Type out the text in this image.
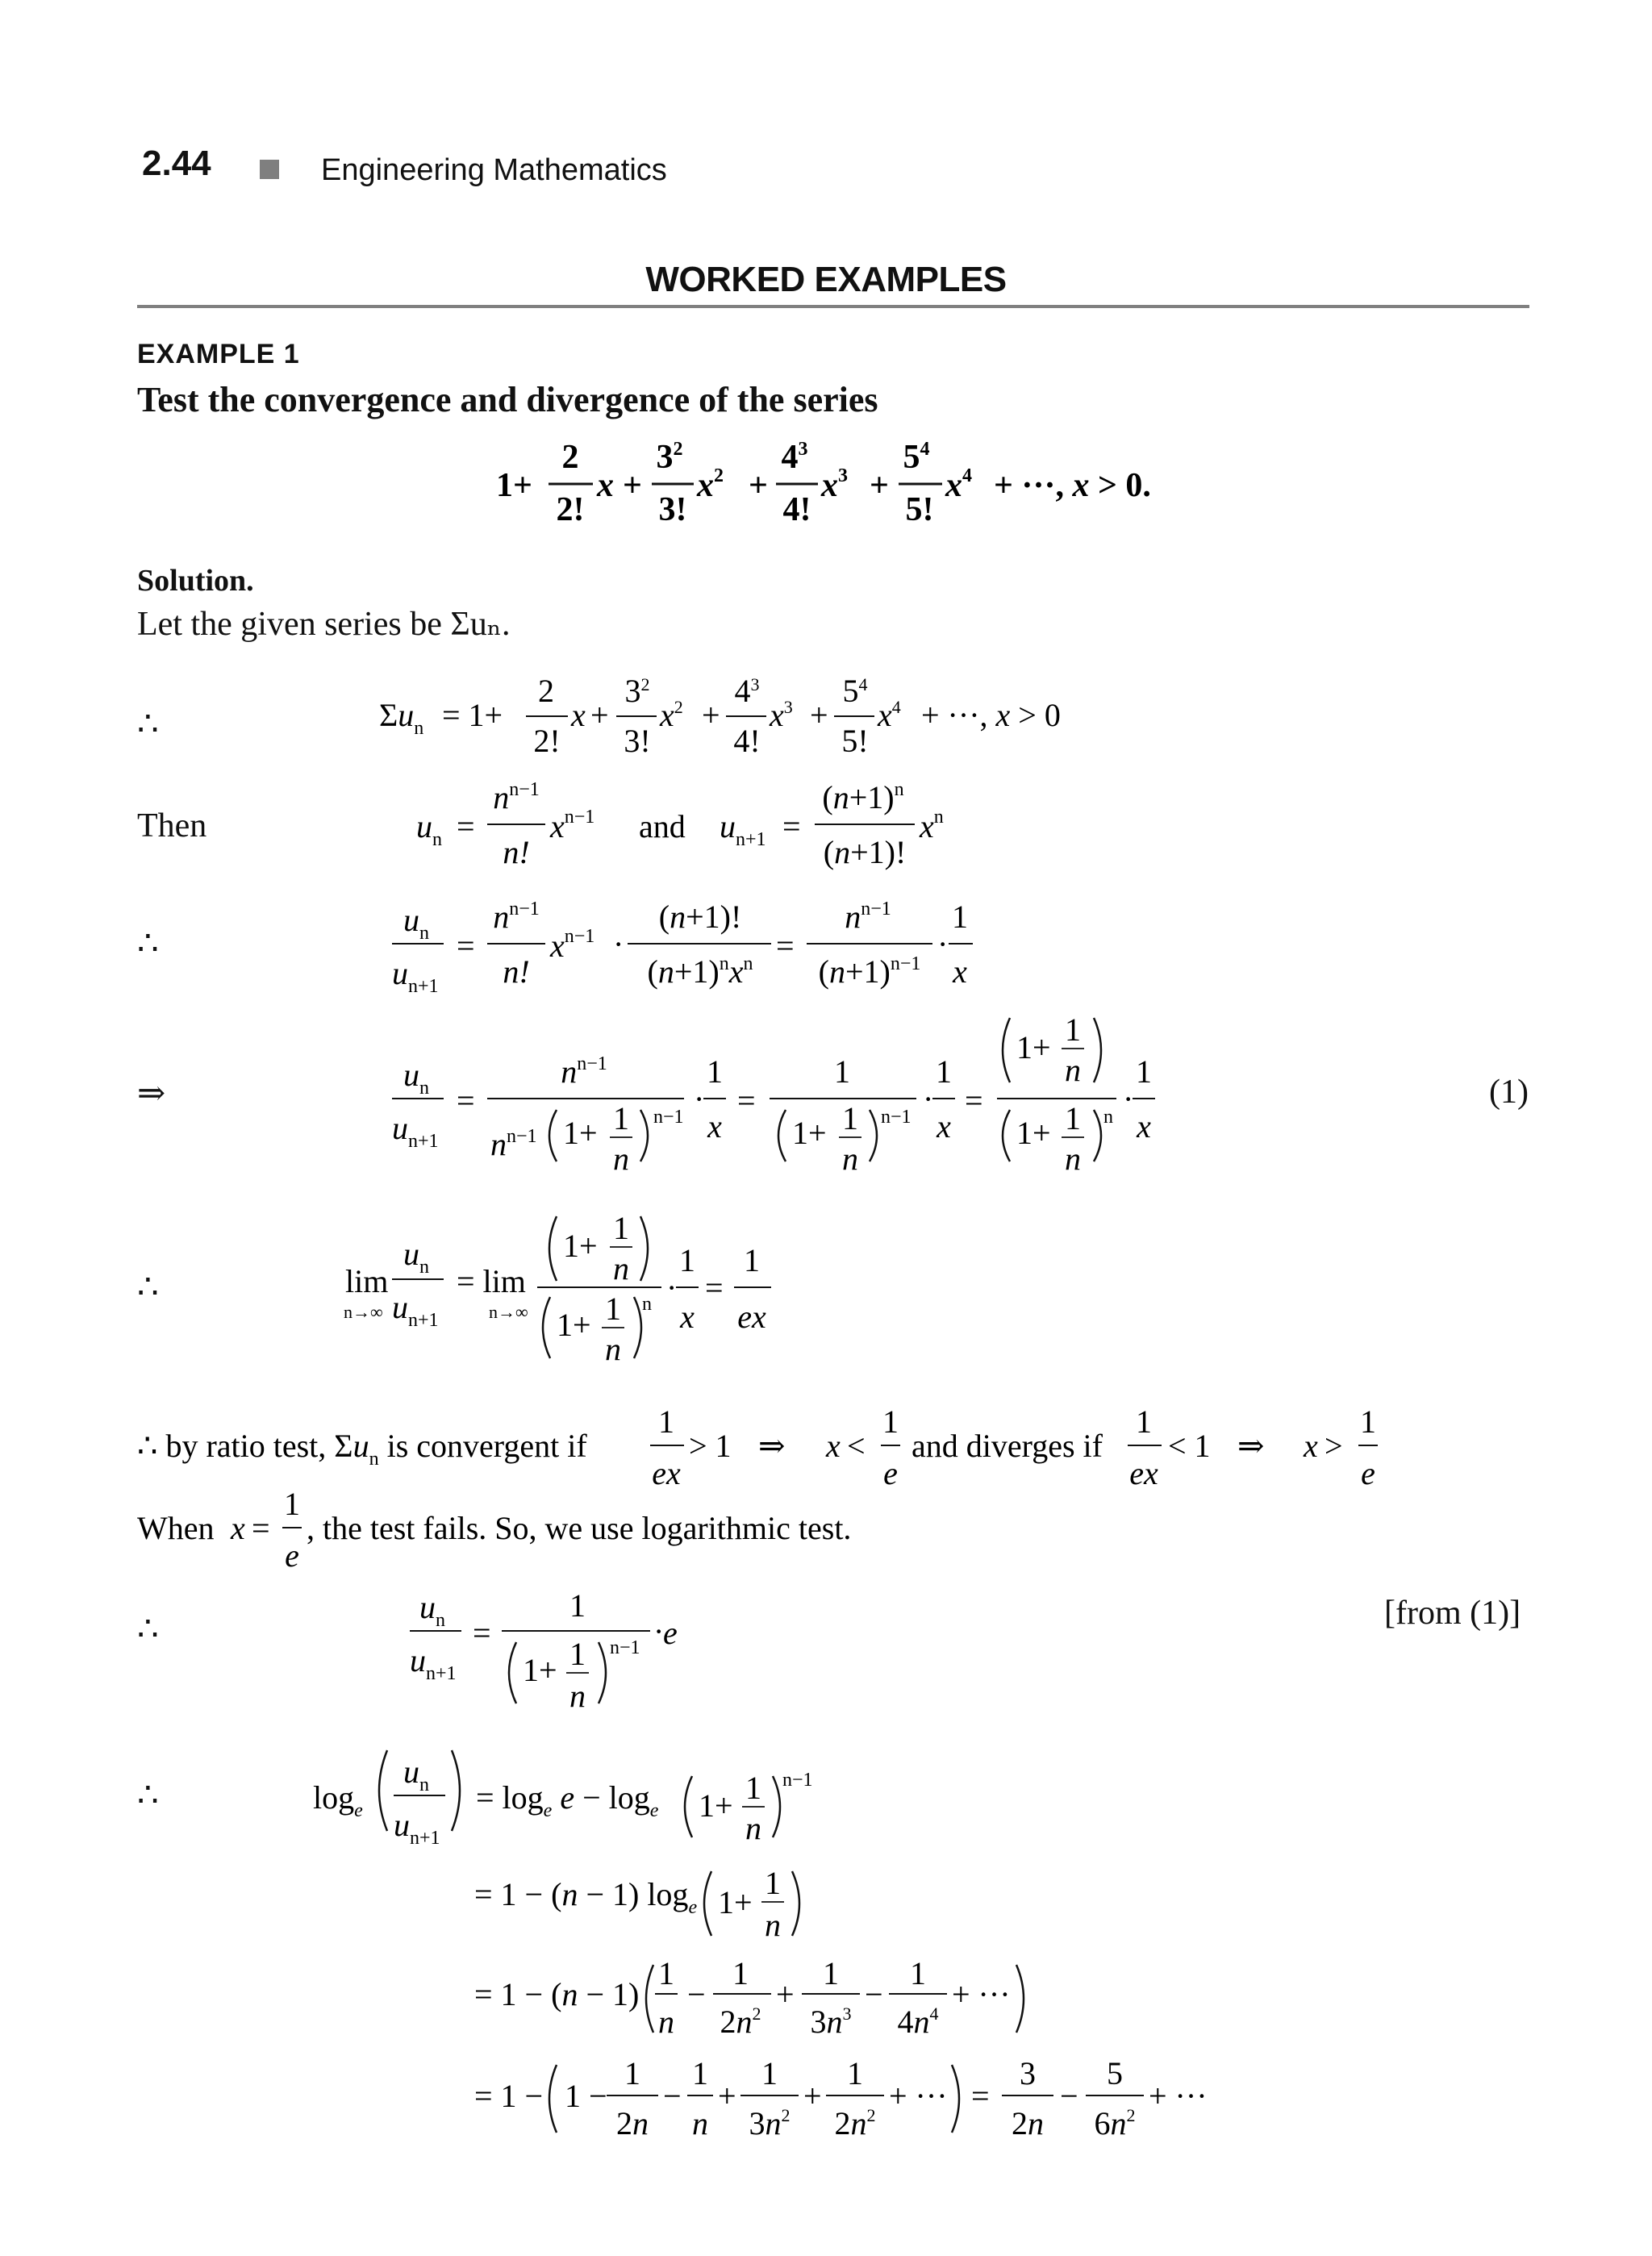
2.44	Engineering Mathematics
WORKED EXAMPLES
EXAMPLE 1
Test the convergence and divergence of the series
1+
2
2!
x +
$3^2$
3!
$x^2$ +
$4^3$
4!
$x^3$ +
$5^4$
5!
$x^4$ + ···, x > 0.
Solution.
Let the given series be Σuₙ.
∴	$\Sigma u_n = 1+$
2
2!
x +
$3^2$
3!
$x^2$ +
$4^3$
4!
$x^3$ +
$5^4$
5!
$x^4$ + ···, x > 0
Then	$u_n$ =
$n^{n-1}$
n!
$x^{n-1}$ and $u_{n+1}$ =
$(n+1)^n$
(n+1)!
$x^n$
∴
$u_n$
$u_{n+1}$
=
$n^{n-1}$
n!
$x^{n-1}$ ·
(n+1)!
$(n+1)^nx^n$ =
$n^{n-1}$
$(n+1)^{n-1}$
·
1
x
⇒	(1)
$u_n$
$u_{n+1}$
=
$n^{n-1}$
$n^{n-1}$ 1+ 1
n
n−1 ·
1
x
=
1
1+ 1
n
n−1 ·
1
x
=
1+ 1
n
1+ 1
n
n ·
1
x
∴	lim
n→∞
$u_n$
$u_{n+1}$
= lim
n→∞
1+ 1
n
1+ 1
n
n ·
1
x
=
1
ex
∴ by ratio test, $\Sigma u_n$ is convergent if
1
ex
> 1 ⇒ x <
1
e
and diverges if
1
ex
< 1 ⇒ x >
1
e
When x =
1
e
, the test fails. So, we use logarithmic test.
∴	[from (1)]
$u_n$
$u_{n+1}$
=
1
1+ 1
n
n−1 ·
e
∴	$\log_e$
$u_n$
$u_{n+1}$
= $\log_e e - \log_e 1+ 1$
n
n−1
= 1 − (n − 1) $\log_e 1+$
1
n
= 1 − (n − 1)
1
n
−
1
$2n^2$
+
1
$3n^3$
−
1
$4n^4$
+ ···
= 1 − 1 −
1
2n
−
1
n
+
1
$3n^2$
+
1
$2n^2$
+ ··· =
3
2n
−
5
$6n^2$
+ ···
